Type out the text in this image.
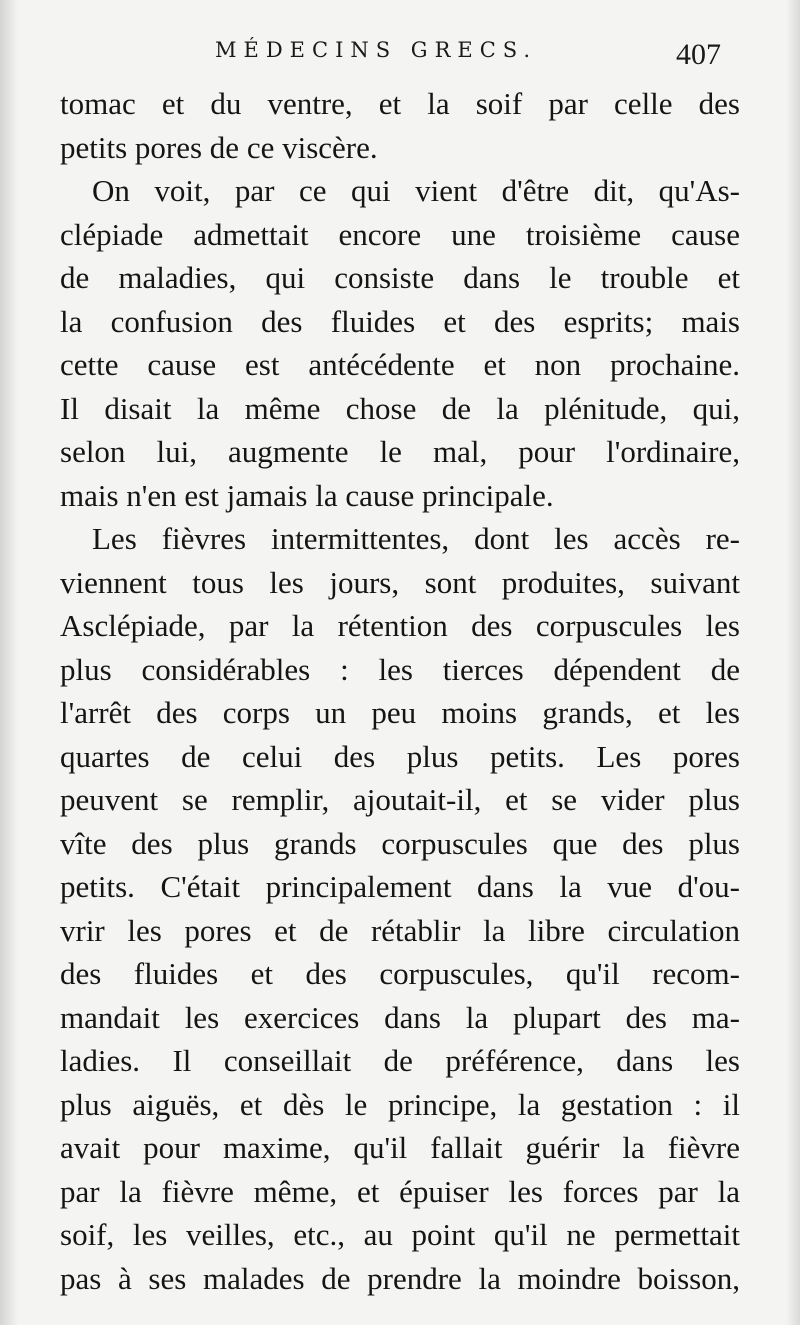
MÉDECINS GRECS.	407
tomac et du ventre, et la soif par celle des
petits pores de ce viscère.
On voit, par ce qui vient d'être dit, qu'As-
clépiade admettait encore une troisième cause
de maladies, qui consiste dans le trouble et
la confusion des fluides et des esprits; mais
cette cause est antécédente et non prochaine.
Il disait la même chose de la plénitude, qui,
selon lui, augmente le mal, pour l'ordinaire,
mais n'en est jamais la cause principale.
Les fièvres intermittentes, dont les accès re-
viennent tous les jours, sont produites, suivant
Asclépiade, par la rétention des corpuscules les
plus considérables : les tierces dépendent de
l'arrêt des corps un peu moins grands, et les
quartes de celui des plus petits. Les pores
peuvent se remplir, ajoutait-il, et se vider plus
vîte des plus grands corpuscules que des plus
petits. C'était principalement dans la vue d'ou-
vrir les pores et de rétablir la libre circulation
des fluides et des corpuscules, qu'il recom-
mandait les exercices dans la plupart des ma-
ladies. Il conseillait de préférence, dans les
plus aiguës, et dès le principe, la gestation : il
avait pour maxime, qu'il fallait guérir la fièvre
par la fièvre même, et épuiser les forces par la
soif, les veilles, etc., au point qu'il ne permettait
pas à ses malades de prendre la moindre boisson,
